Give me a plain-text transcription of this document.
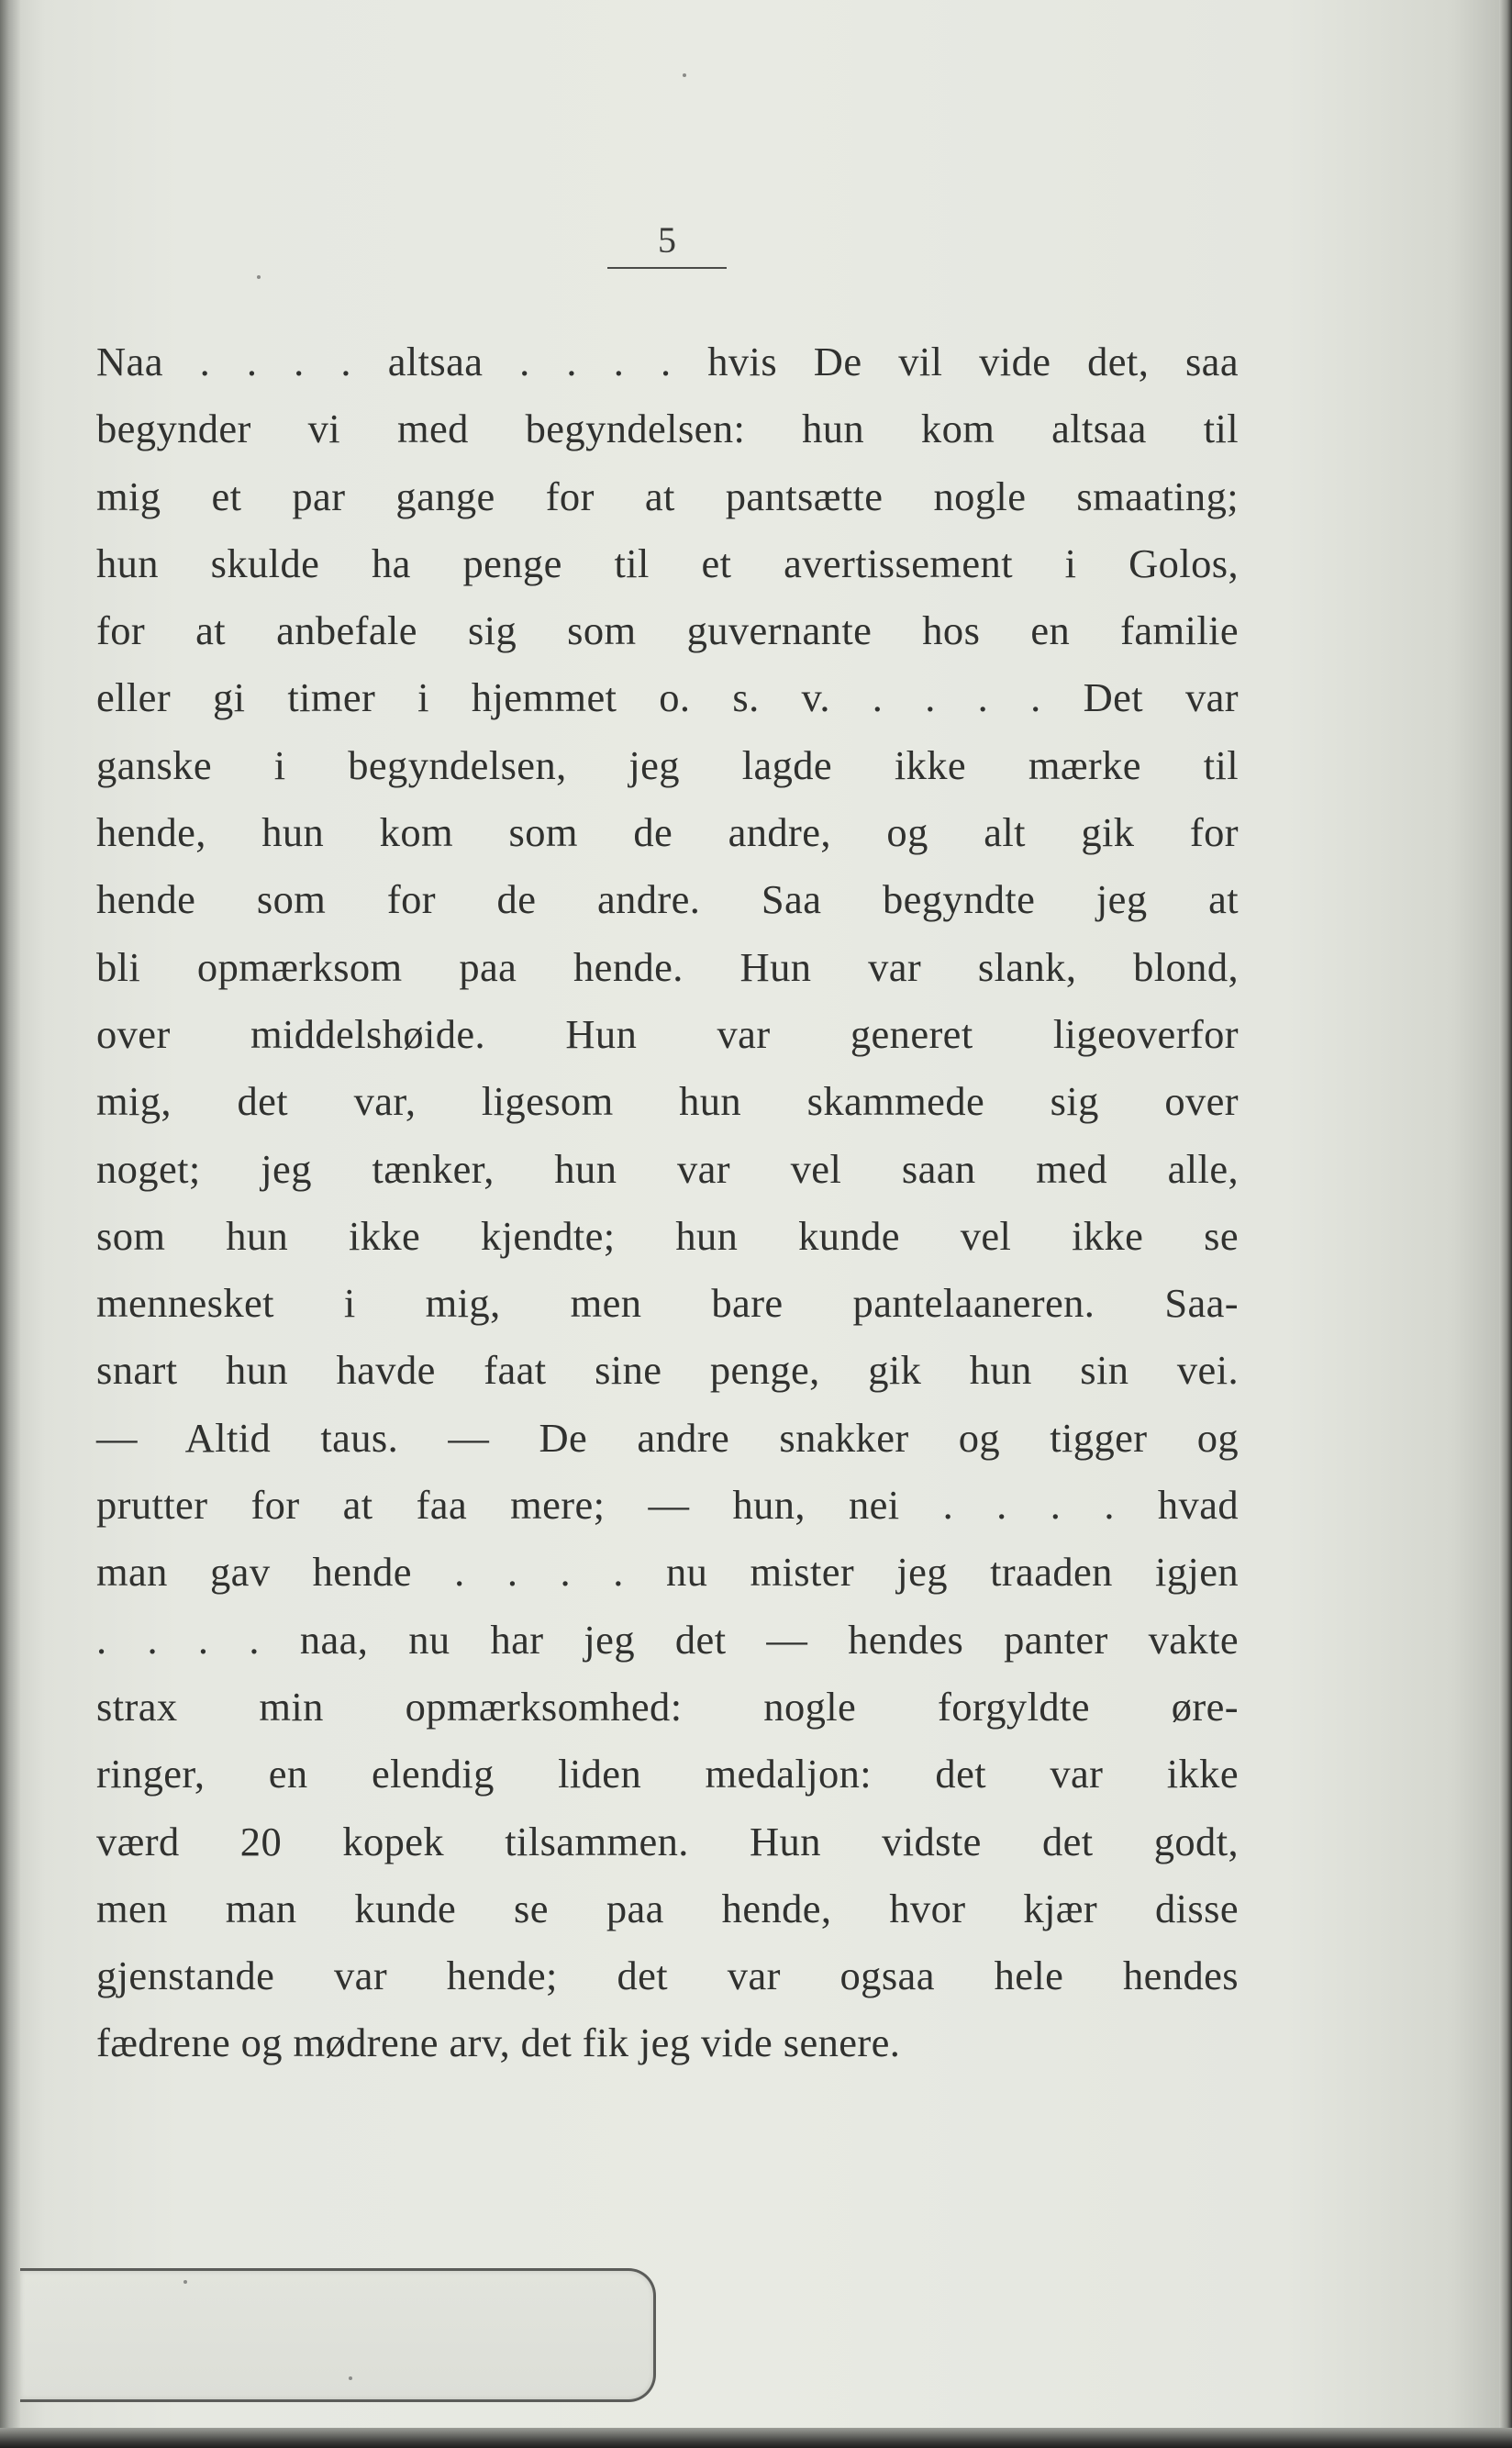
5
Naa . . . . altsaa . . . . hvis De vil vide det, saa
begynder vi med begyndelsen: hun kom altsaa til
mig et par gange for at pantsætte nogle smaating;
hun skulde ha penge til et avertissement i Golos,
for at anbefale sig som guvernante hos en familie
eller gi timer i hjemmet o. s. v. . . . . Det var
ganske i begyndelsen, jeg lagde ikke mærke til
hende, hun kom som de andre, og alt gik for
hende som for de andre. Saa begyndte jeg at
bli opmærksom paa hende. Hun var slank, blond,
over middelshøide. Hun var generet ligeoverfor
mig, det var, ligesom hun skammede sig over
noget; jeg tænker, hun var vel saan med alle,
som hun ikke kjendte; hun kunde vel ikke se
mennesket i mig, men bare pantelaaneren. Saa-
snart hun havde faat sine penge, gik hun sin vei.
— Altid taus. — De andre snakker og tigger og
prutter for at faa mere; — hun, nei . . . . hvad
man gav hende . . . . nu mister jeg traaden igjen
. . . . naa, nu har jeg det — hendes panter vakte
strax min opmærksomhed: nogle forgyldte øre-
ringer, en elendig liden medaljon: det var ikke
værd 20 kopek tilsammen. Hun vidste det godt,
men man kunde se paa hende, hvor kjær disse
gjenstande var hende; det var ogsaa hele hendes
fædrene og mødrene arv, det fik jeg vide senere.
